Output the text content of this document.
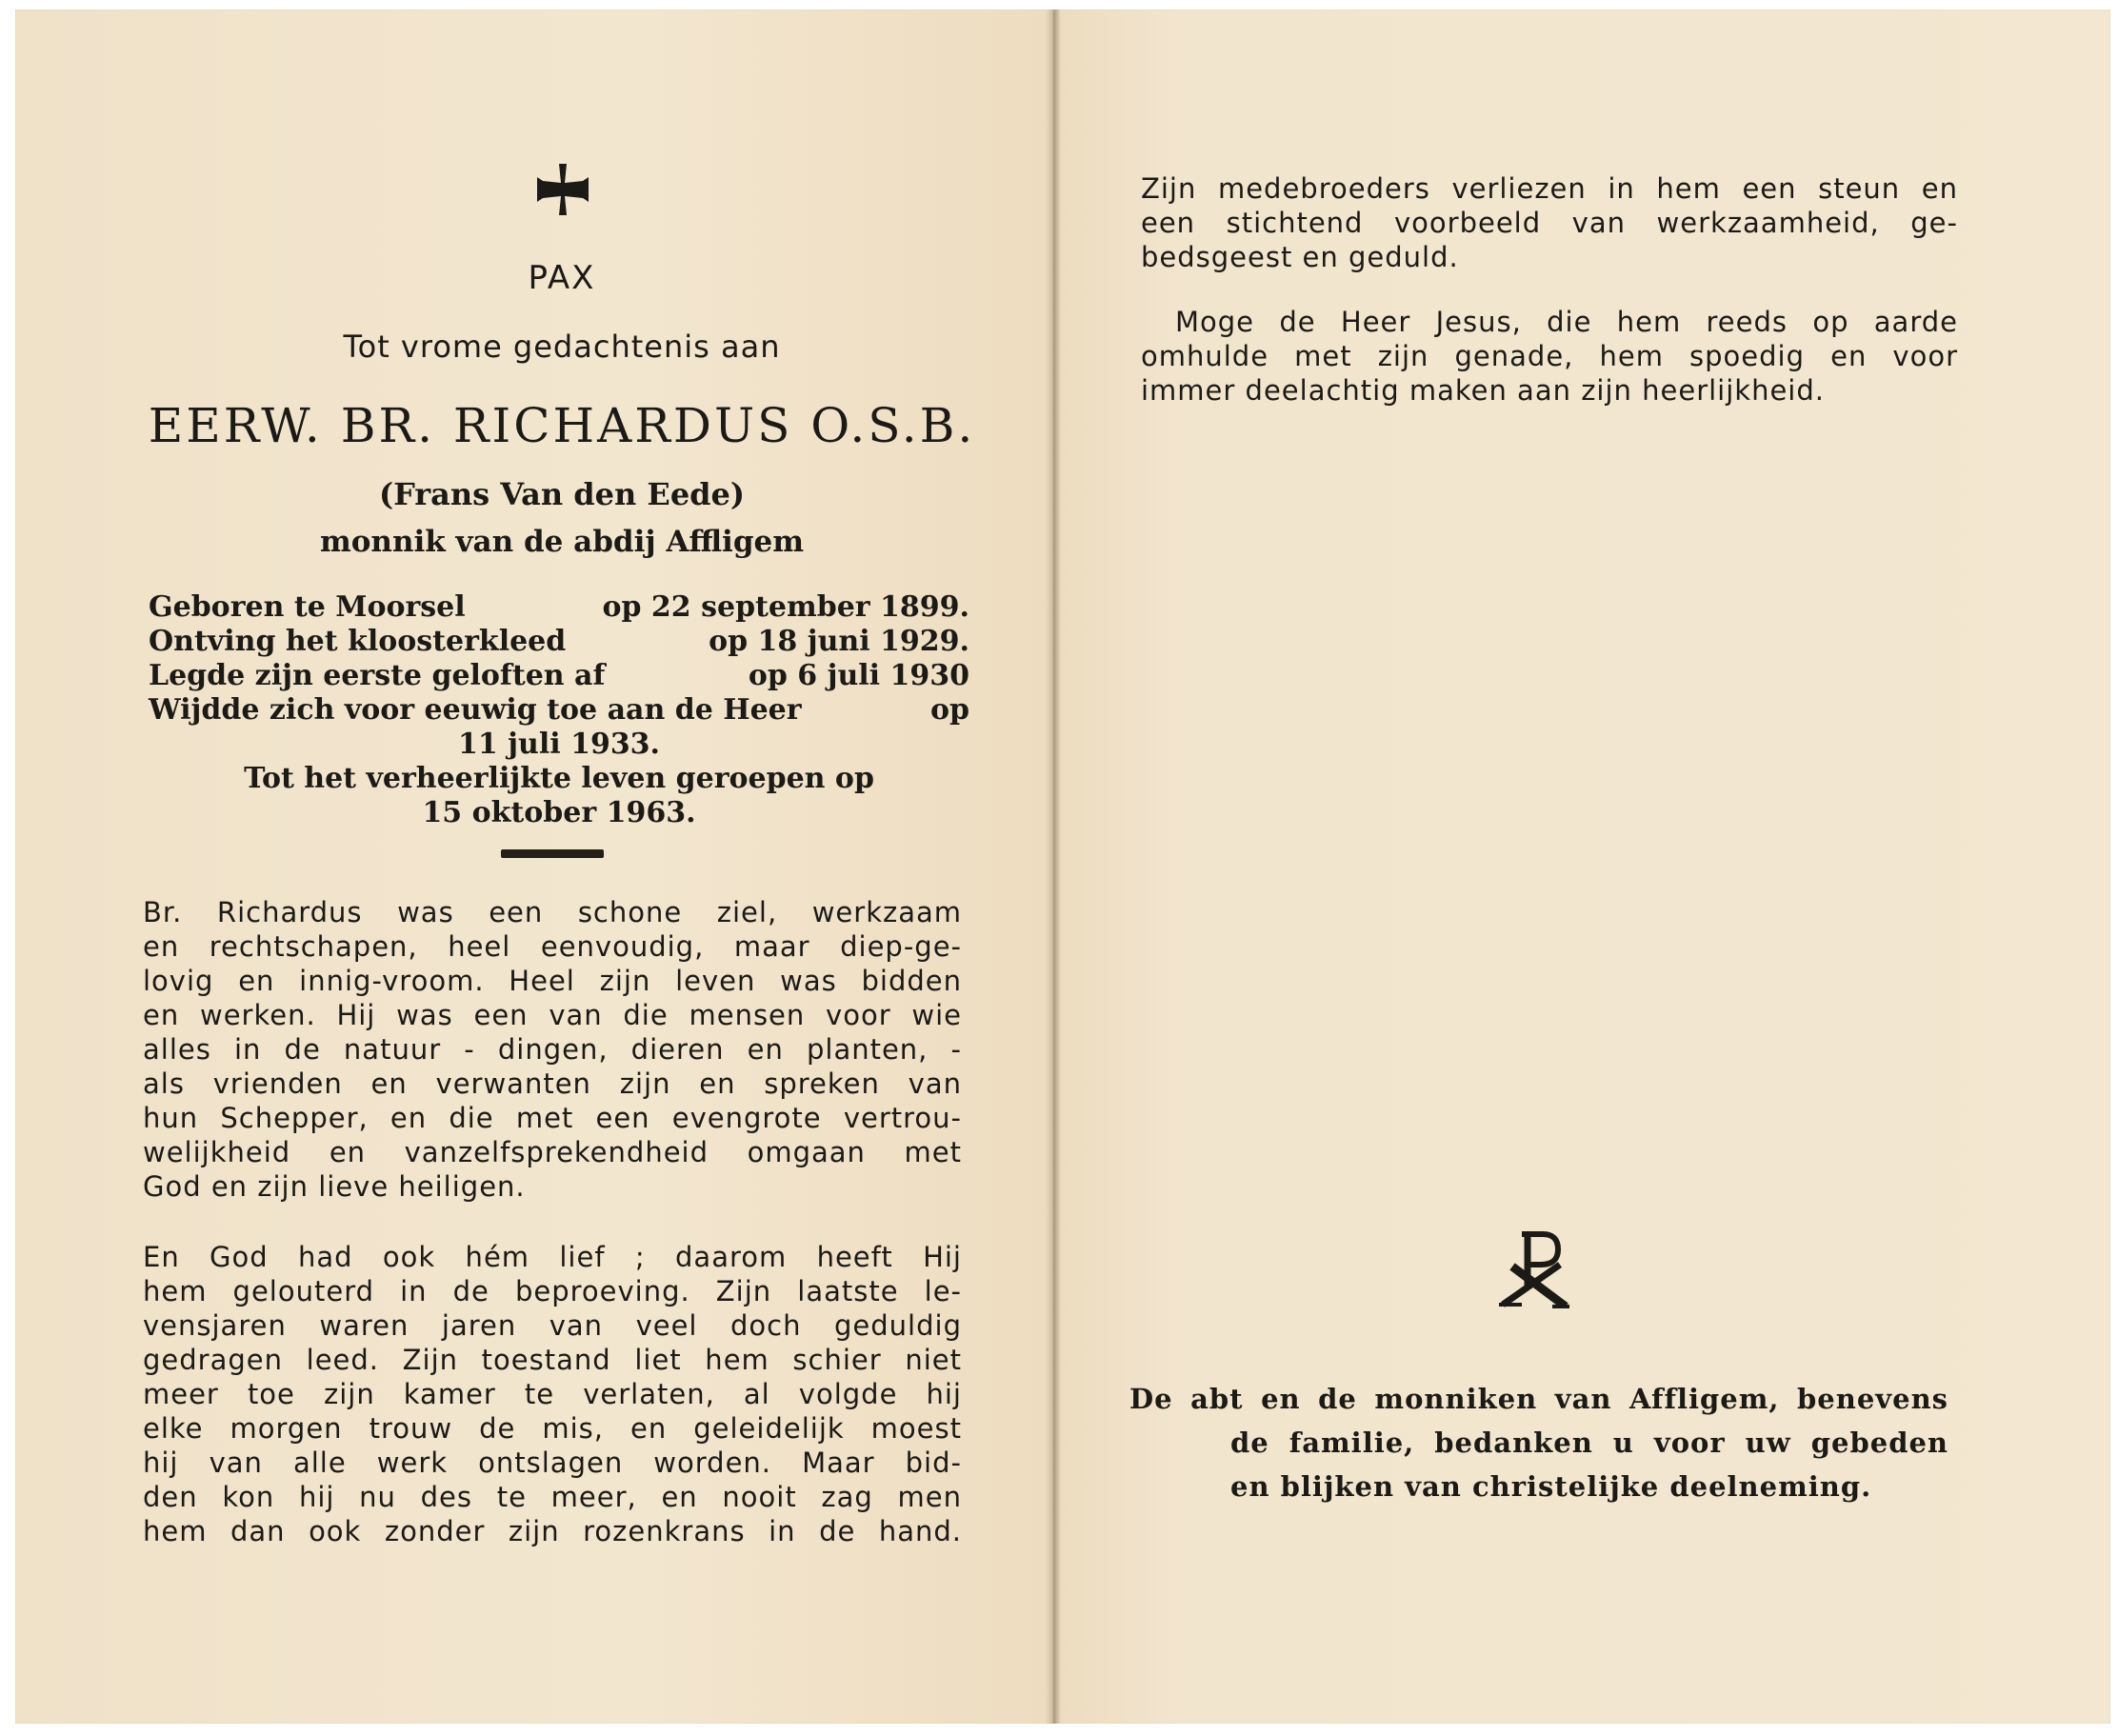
PAX
Tot vrome gedachtenis aan
EERW. BR. RICHARDUS O.S.B.
(Frans Van den Eede)
monnik van de abdij Affligem
Geboren te Moorsel	op 22 september 1899.
Ontving het kloosterkleed	op 18 juni 1929.
Legde zijn eerste geloften af	op 6 juli 1930
Wijdde zich voor eeuwig toe aan de Heer	op
11 juli 1933.
Tot het verheerlijkte leven geroepen op
15 oktober 1963.
Br. Richardus was een schone ziel, werkzaam
en rechtschapen, heel eenvoudig, maar diep-ge-
lovig en innig-vroom. Heel zijn leven was bidden
en werken. Hij was een van die mensen voor wie
alles in de natuur - dingen, dieren en planten, -
als vrienden en verwanten zijn en spreken van
hun Schepper, en die met een evengrote vertrou-
welijkheid en vanzelfsprekendheid omgaan met
God en zijn lieve heiligen.
En God had ook hém lief ; daarom heeft Hij
hem gelouterd in de beproeving. Zijn laatste le-
vensjaren waren jaren van veel doch geduldig
gedragen leed. Zijn toestand liet hem schier niet
meer toe zijn kamer te verlaten, al volgde hij
elke morgen trouw de mis, en geleidelijk moest
hij van alle werk ontslagen worden. Maar bid-
den kon hij nu des te meer, en nooit zag men
hem dan ook zonder zijn rozenkrans in de hand.
Zijn medebroeders verliezen in hem een steun en
een stichtend voorbeeld van werkzaamheid, ge-
bedsgeest en geduld.
Moge de Heer Jesus, die hem reeds op aarde
omhulde met zijn genade, hem spoedig en voor
immer deelachtig maken aan zijn heerlijkheid.
De abt en de monniken van Affligem, benevens
de familie, bedanken u voor uw gebeden
en blijken van christelijke deelneming.
